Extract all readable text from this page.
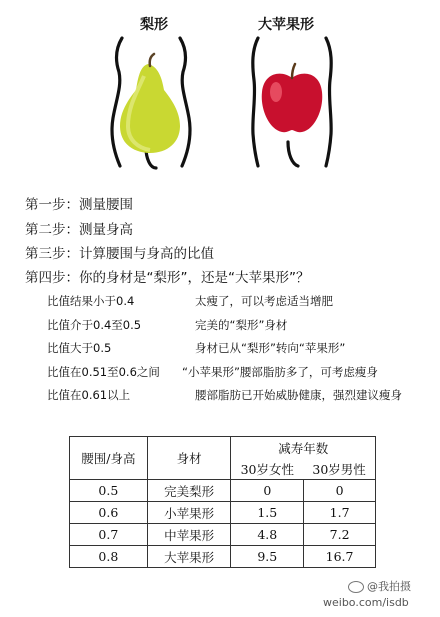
梨形	大苹果形
第一步：测量腰围
第二步：测量身高
第三步：计算腰围与身高的比值
第四步：你的身材是“梨形”，还是“大苹果形”？
比值结果小于0.4	太瘦了，可以考虑适当增肥
比值介于0.4至0.5	完美的“梨形”身材
比值大于0.5	身材已从“梨形”转向“苹果形”
比值在0.51至0.6之间 “小苹果形”腰部脂肪多了，可考虑瘦身
比值在0.61以上	腰部脂肪已开始威胁健康，强烈建议瘦身
腰围/身高	身材	减寿年数
30岁女性 30岁男性	

0.5	完美梨形	0	0
0.6	小苹果形	1.5	1.7
0.7	中苹果形	4.8	7.2
0.8	大苹果形	9.5	16.7
@我拍摄
weibo.com/isdb
